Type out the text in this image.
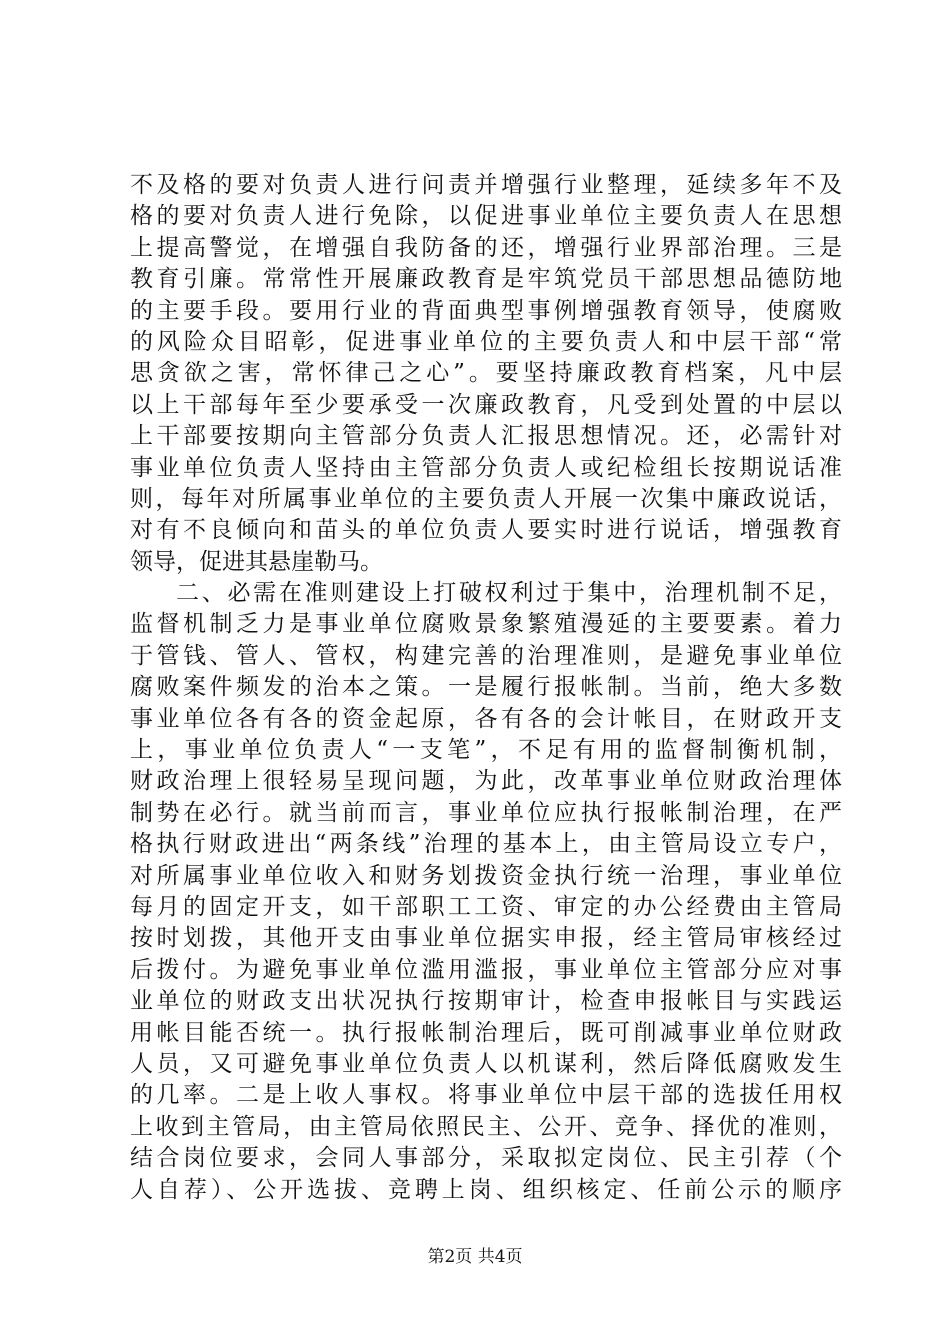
不及格的要对负责人进行问责并增强行业整理，延续多年不及
格的要对负责人进行免除，以促进事业单位主要负责人在思想
上提高警觉，在增强自我防备的还，增强行业界部治理。三是
教育引廉。常常性开展廉政教育是牢筑党员干部思想品德防地
的主要手段。要用行业的背面典型事例增强教育领导，使腐败
的风险众目昭彰，促进事业单位的主要负责人和中层干部“常
思贪欲之害，常怀律己之心”。要坚持廉政教育档案，凡中层
以上干部每年至少要承受一次廉政教育，凡受到处置的中层以
上干部要按期向主管部分负责人汇报思想情况。还，必需针对
事业单位负责人坚持由主管部分负责人或纪检组长按期说话准
则，每年对所属事业单位的主要负责人开展一次集中廉政说话，
对有不良倾向和苗头的单位负责人要实时进行说话，增强教育
领导，促进其悬崖勒马。
二、必需在准则建设上打破权利过于集中，治理机制不足，
监督机制乏力是事业单位腐败景象繁殖漫延的主要要素。着力
于管钱、管人、管权，构建完善的治理准则，是避免事业单位
腐败案件频发的治本之策。一是履行报帐制。当前，绝大多数
事业单位各有各的资金起原，各有各的会计帐目，在财政开支
上，事业单位负责人“一支笔”，不足有用的监督制衡机制，
财政治理上很轻易呈现问题，为此，改革事业单位财政治理体
制势在必行。就当前而言，事业单位应执行报帐制治理，在严
格执行财政进出“两条线”治理的基本上，由主管局设立专户，
对所属事业单位收入和财务划拨资金执行统一治理，事业单位
每月的固定开支，如干部职工工资、审定的办公经费由主管局
按时划拨，其他开支由事业单位据实申报，经主管局审核经过
后拨付。为避免事业单位滥用滥报，事业单位主管部分应对事
业单位的财政支出状况执行按期审计，检查申报帐目与实践运
用帐目能否统一。执行报帐制治理后，既可削减事业单位财政
人员，又可避免事业单位负责人以机谋利，然后降低腐败发生
的几率。二是上收人事权。将事业单位中层干部的选拔任用权
上收到主管局，由主管局依照民主、公开、竞争、择优的准则，
结合岗位要求，会同人事部分，采取拟定岗位、民主引荐（个
人自荐）、公开选拔、竞聘上岗、组织核定、任前公示的顺序
第2页 共4页
